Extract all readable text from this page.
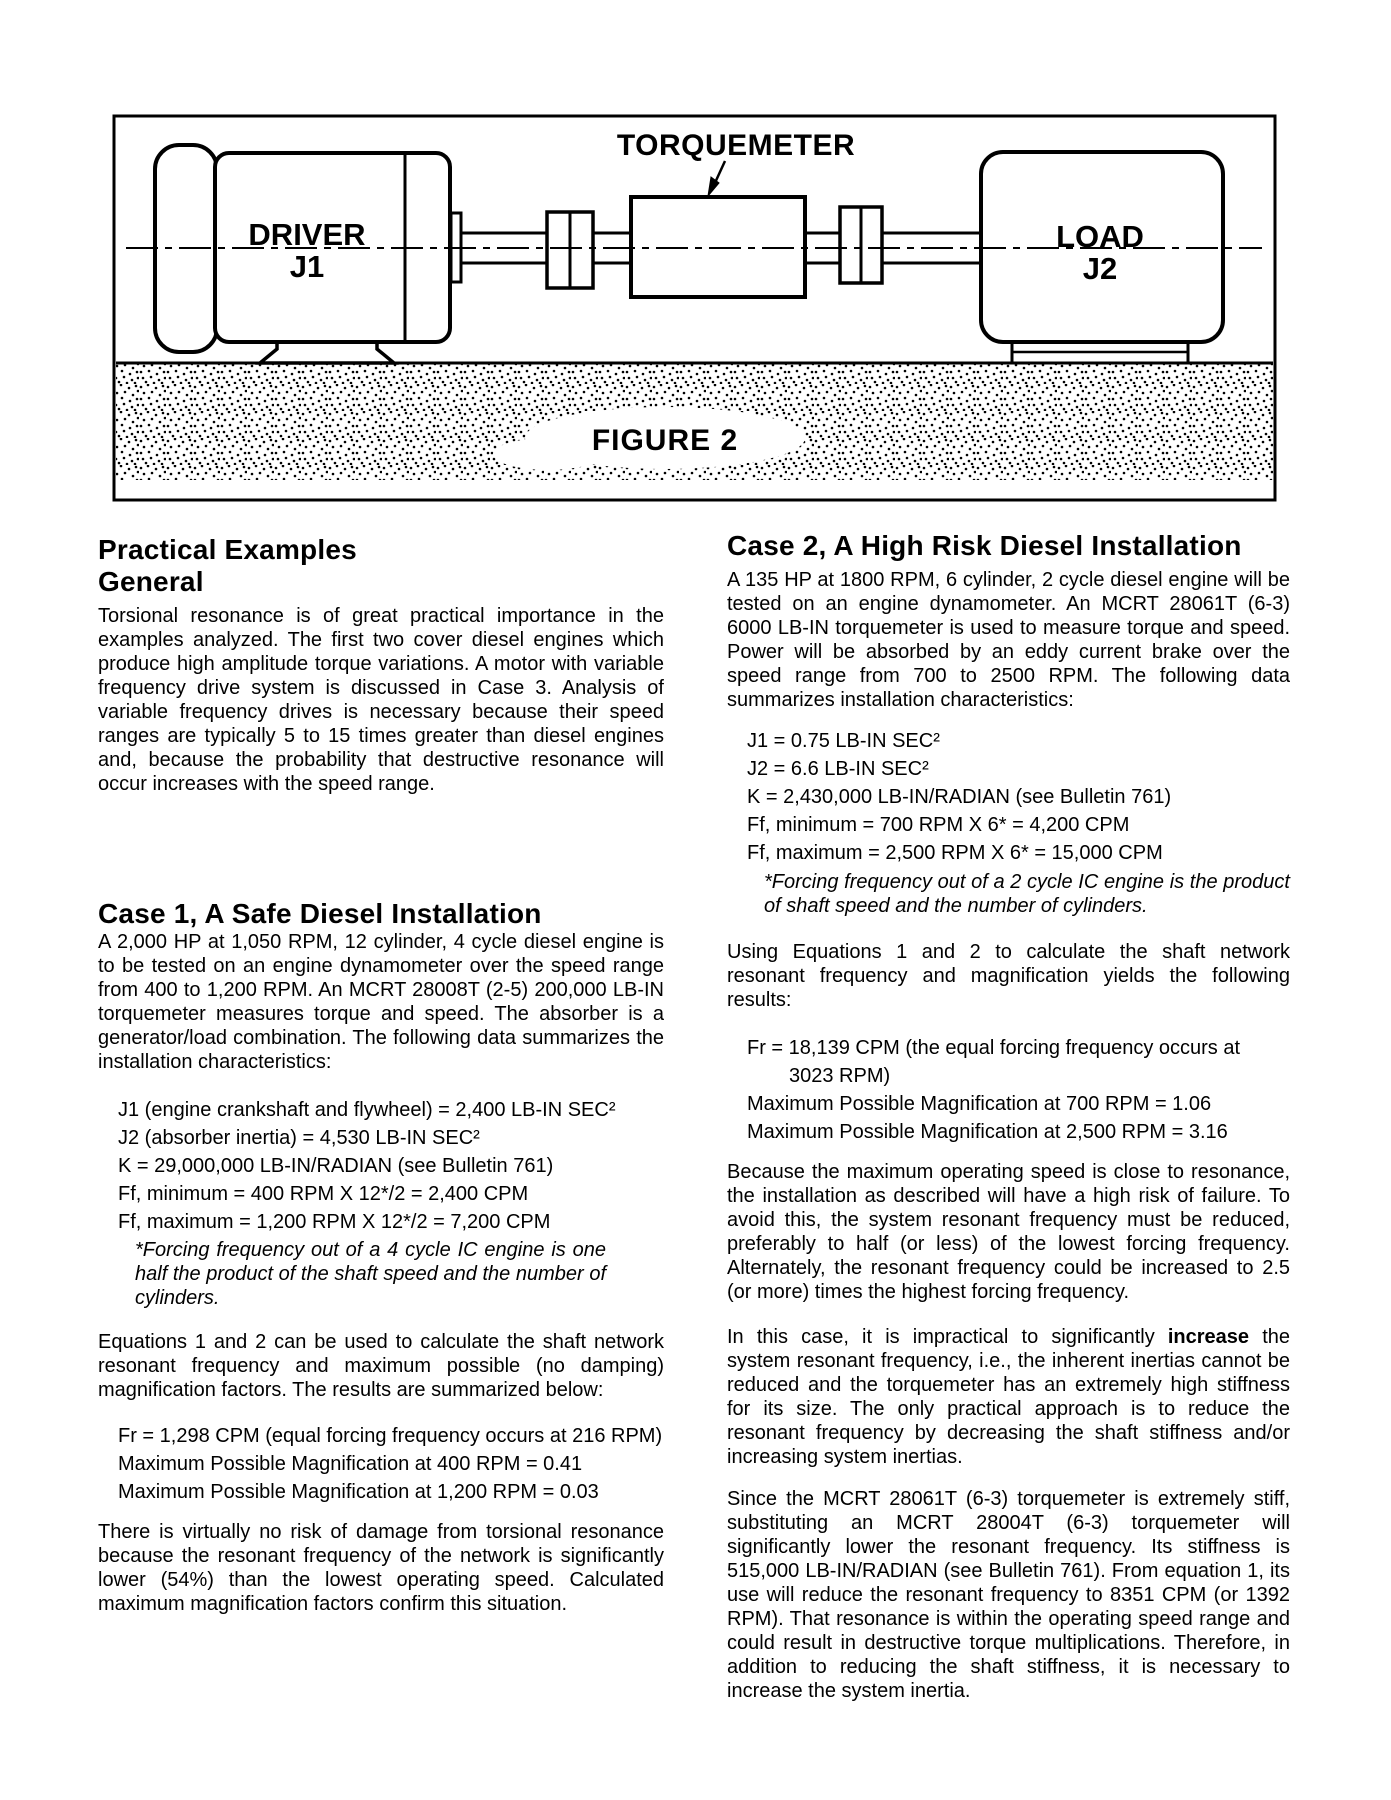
TORQUEMETER
DRIVER
J1
LOAD
J2
FIGURE 2
Practical Examples
General

Torsional resonance is of great practical importance in the examples analyzed. The first two cover diesel engines which produce high amplitude torque variations. A motor with variable frequency drive system is discussed in Case 3. Analysis of variable frequency drives is necessary because their speed ranges are typically 5 to 15 times greater than diesel engines and, because the probability that destructive resonance will occur increases with the speed range.

Case 1, A Safe Diesel Installation

A 2,000 HP at 1,050 RPM, 12 cylinder, 4 cycle diesel engine is to be tested on an engine dynamometer over the speed range from 400 to 1,200 RPM. An MCRT 28008T (2-5) 200,000 LB-IN torquemeter measures torque and speed. The absorber is a generator/load combination. The following data summarizes the installation characteristics:

J1 (engine crankshaft and flywheel) = 2,400 LB-IN SEC²
J2 (absorber inertia) = 4,530 LB-IN SEC²
K = 29,000,000 LB-IN/RADIAN (see Bulletin 761)
Ff, minimum = 400 RPM X 12*/2 = 2,400 CPM
Ff, maximum = 1,200 RPM X 12*/2 = 7,200 CPM

*Forcing frequency out of a 4 cycle IC engine is one half the product of the shaft speed and the number of cylinders.

Equations 1 and 2 can be used to calculate the shaft network resonant frequency and maximum possible (no damping) magnification factors. The results are summarized below:

Fr = 1,298 CPM (equal forcing frequency occurs at 216 RPM)
Maximum Possible Magnification at 400 RPM = 0.41
Maximum Possible Magnification at 1,200 RPM = 0.03

There is virtually no risk of damage from torsional resonance because the resonant frequency of the network is significantly lower (54%) than the lowest operating speed. Calculated maximum magnification factors confirm this situation.

Case 2, A High Risk Diesel Installation

A 135 HP at 1800 RPM, 6 cylinder, 2 cycle diesel engine will be tested on an engine dynamometer. An MCRT 28061T (6-3) 6000 LB-IN torquemeter is used to measure torque and speed. Power will be absorbed by an eddy current brake over the speed range from 700 to 2500 RPM. The following data summarizes installation characteristics:

J1 = 0.75 LB-IN SEC²
J2 = 6.6 LB-IN SEC²
K = 2,430,000 LB-IN/RADIAN (see Bulletin 761)
Ff, minimum = 700 RPM X 6* = 4,200 CPM
Ff, maximum = 2,500 RPM X 6* = 15,000 CPM

*Forcing frequency out of a 2 cycle IC engine is the product of shaft speed and the number of cylinders.

Using Equations 1 and 2 to calculate the shaft network resonant frequency and magnification yields the following results:

Fr = 18,139 CPM (the equal forcing frequency occurs at 3023 RPM)
Maximum Possible Magnification at 700 RPM = 1.06
Maximum Possible Magnification at 2,500 RPM = 3.16

Because the maximum operating speed is close to resonance, the installation as described will have a high risk of failure. To avoid this, the system resonant frequency must be reduced, preferably to half (or less) of the lowest forcing frequency. Alternately, the resonant frequency could be increased to 2.5 (or more) times the highest forcing frequency.

In this case, it is impractical to significantly increase the system resonant frequency, i.e., the inherent inertias cannot be reduced and the torquemeter has an extremely high stiffness for its size. The only practical approach is to reduce the resonant frequency by decreasing the shaft stiffness and/or increasing system inertias.

Since the MCRT 28061T (6-3) torquemeter is extremely stiff, substituting an MCRT 28004T (6-3) torquemeter will significantly lower the resonant frequency. Its stiffness is 515,000 LB-IN/RADIAN (see Bulletin 761). From equation 1, its use will reduce the resonant frequency to 8351 CPM (or 1392 RPM). That resonance is within the operating speed range and could result in destructive torque multiplications. Therefore, in addition to reducing the shaft stiffness, it is necessary to increase the system inertia.
